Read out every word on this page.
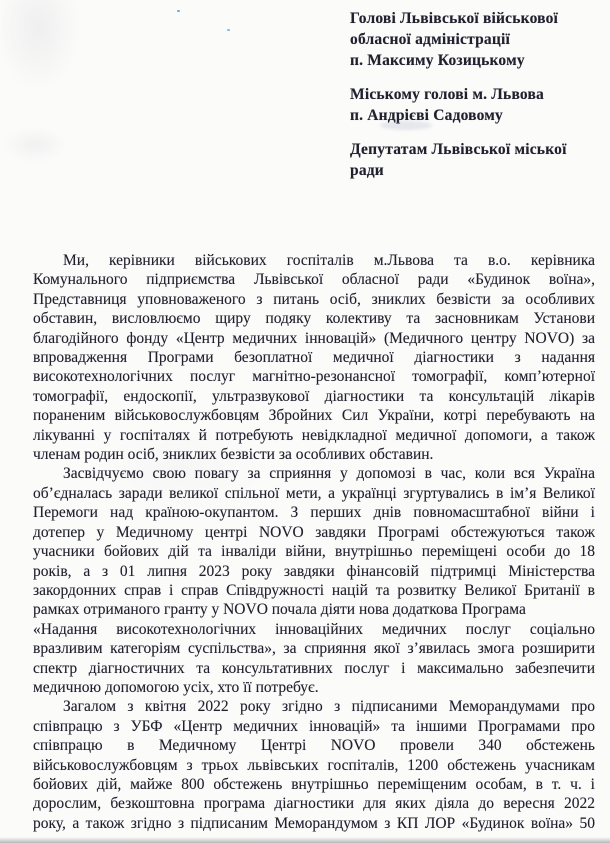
Голові Львівської військової обласної адміністрації
п. Максиму Козицькому
Міському голові м. Львова
п. Андрієві Садовому
Депутатам Львівської міської ради
Ми, керівники військових госпіталів м.Львова та в.о. керівника
Комунального підприємства Львівської обласної ради «Будинок воїна»,
Представниця уповноваженого з питань осіб, зниклих безвісти за особливих
обставин, висловлюємо щиру подяку колективу та засновникам Установи
благодійного фонду «Центр медичних інновацій» (Медичного центру NOVO) за
впровадження Програми безоплатної медичної діагностики з надання
високотехнологічних послуг магнітно-резонансної томографії, комп’ютерної
томографії, ендоскопії, ультразвукової діагностики та консультацій лікарів
пораненим військовослужбовцям Збройних Сил України, котрі перебувають на
лікуванні у госпіталях й потребують невідкладної медичної допомоги, а також
членам родин осіб, зниклих безвісти за особливих обставин.
Засвідчуємо свою повагу за сприяння у допомозі в час, коли вся Україна
об’єдналась заради великої спільної мети, а українці згуртувались в ім’я Великої
Перемоги над країною-окупантом. З перших днів повномасштабної війни і
дотепер у Медичному центрі NOVO завдяки Програмі обстежуються також
учасники бойових дій та інваліди війни, внутрішньо переміщені особи до 18
років, а з 01 липня 2023 року завдяки фінансовій підтримці Міністерства
закордонних справ і справ Співдружності націй та розвитку Великої Британії в
рамках отриманого гранту у NOVO почала діяти нова додаткова Програма
«Надання високотехнологічних інноваційних медичних послуг соціально
вразливим категоріям суспільства», за сприяння якої з’явилась змога розширити
спектр діагностичних та консультативних послуг і максимально забезпечити
медичною допомогою усіх, хто її потребує.
Загалом з квітня 2022 року згідно з підписаними Меморандумами про
співпрацю з УБФ «Центр медичних інновацій» та іншими Програмами про
співпрацю в Медичному Центрі NOVO провели 340 обстежень
військовослужбовцям з трьох львівських госпіталів, 1200 обстежень учасникам
бойових дій, майже 800 обстежень внутрішньо переміщеним особам, в т. ч. і
дорослим, безкоштовна програма діагностики для яких діяла до вересня 2022
року, а також згідно з підписаним Меморандумом з КП ЛОР «Будинок воїна» 50
